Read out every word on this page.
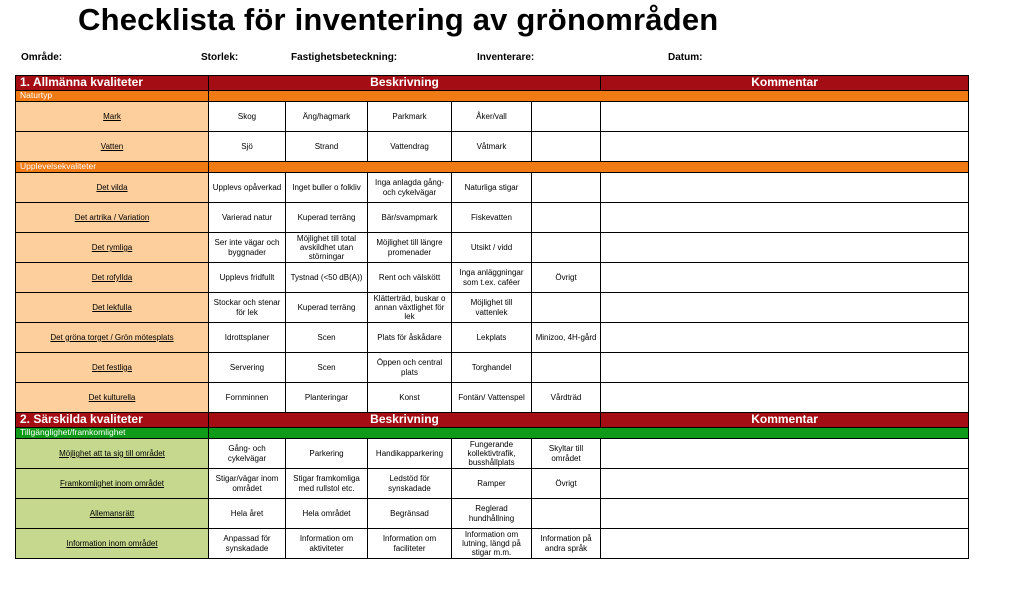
Checklista för inventering av grönområden
Område:	Storlek:	Fastighetsbeteckning:	Inventerare:	Datum:
1. Allmänna kvaliteter	Beskrivning					Kommentar
Naturtyp						
Mark	Skog	Äng/hagmark	Parkmark	Åker/vall		
Vatten	Sjö	Strand	Vattendrag	Våtmark		
Upplevelsekvaliteter						
Det vilda	Upplevs opåverkad	Inget buller o folkliv	Inga anlagda gång- och cykelvägar	Naturliga stigar		
Det artrika / Variation	Varierad natur	Kuperad terräng	Bär/svampmark	Fiskevatten		
Det rymliga	Ser inte vägar och byggnader	Möjlighet till total avskildhet utan störningar	Möjlighet till längre promenader	Utsikt / vidd		
Det rofyllda	Upplevs fridfullt	Tystnad (<50 dB(A))	Rent och välskött	Inga anläggningar som t.ex. caféer	Övrigt	
Det lekfulla	Stockar och stenar för lek	Kuperad terräng	Klätterträd, buskar o annan växtlighet för lek	Möjlighet till vattenlek		
Det gröna torget / Grön mötesplats	Idrottsplaner	Scen	Plats för åskådare	Lekplats	Minizoo, 4H-gård	
Det festliga	Servering	Scen	Öppen och central plats	Torghandel		
Det kulturella	Fornminnen	Planteringar	Konst	Fontän/ Vattenspel	Vårdträd	
2. Särskilda kvaliteter	Beskrivning					Kommentar
Tillgänglighet/framkomlighet						
Möjlighet att ta sig till området	Gång- och cykelvägar	Parkering	Handikapparkering	Fungerande kollektivtrafik, busshållplats	Skyltar till området	
Framkomlighet inom området	Stigar/vägar inom området	Stigar framkomliga med rullstol etc.	Ledstöd för synskadade	Ramper	Övrigt	
Allemansrätt	Hela året	Hela området	Begränsad	Reglerad hundhållning		
Information inom området	Anpassad för synskadade	Information om aktiviteter	Information om faciliteter	Information om lutning, längd på stigar m.m.	Information på andra språk	
